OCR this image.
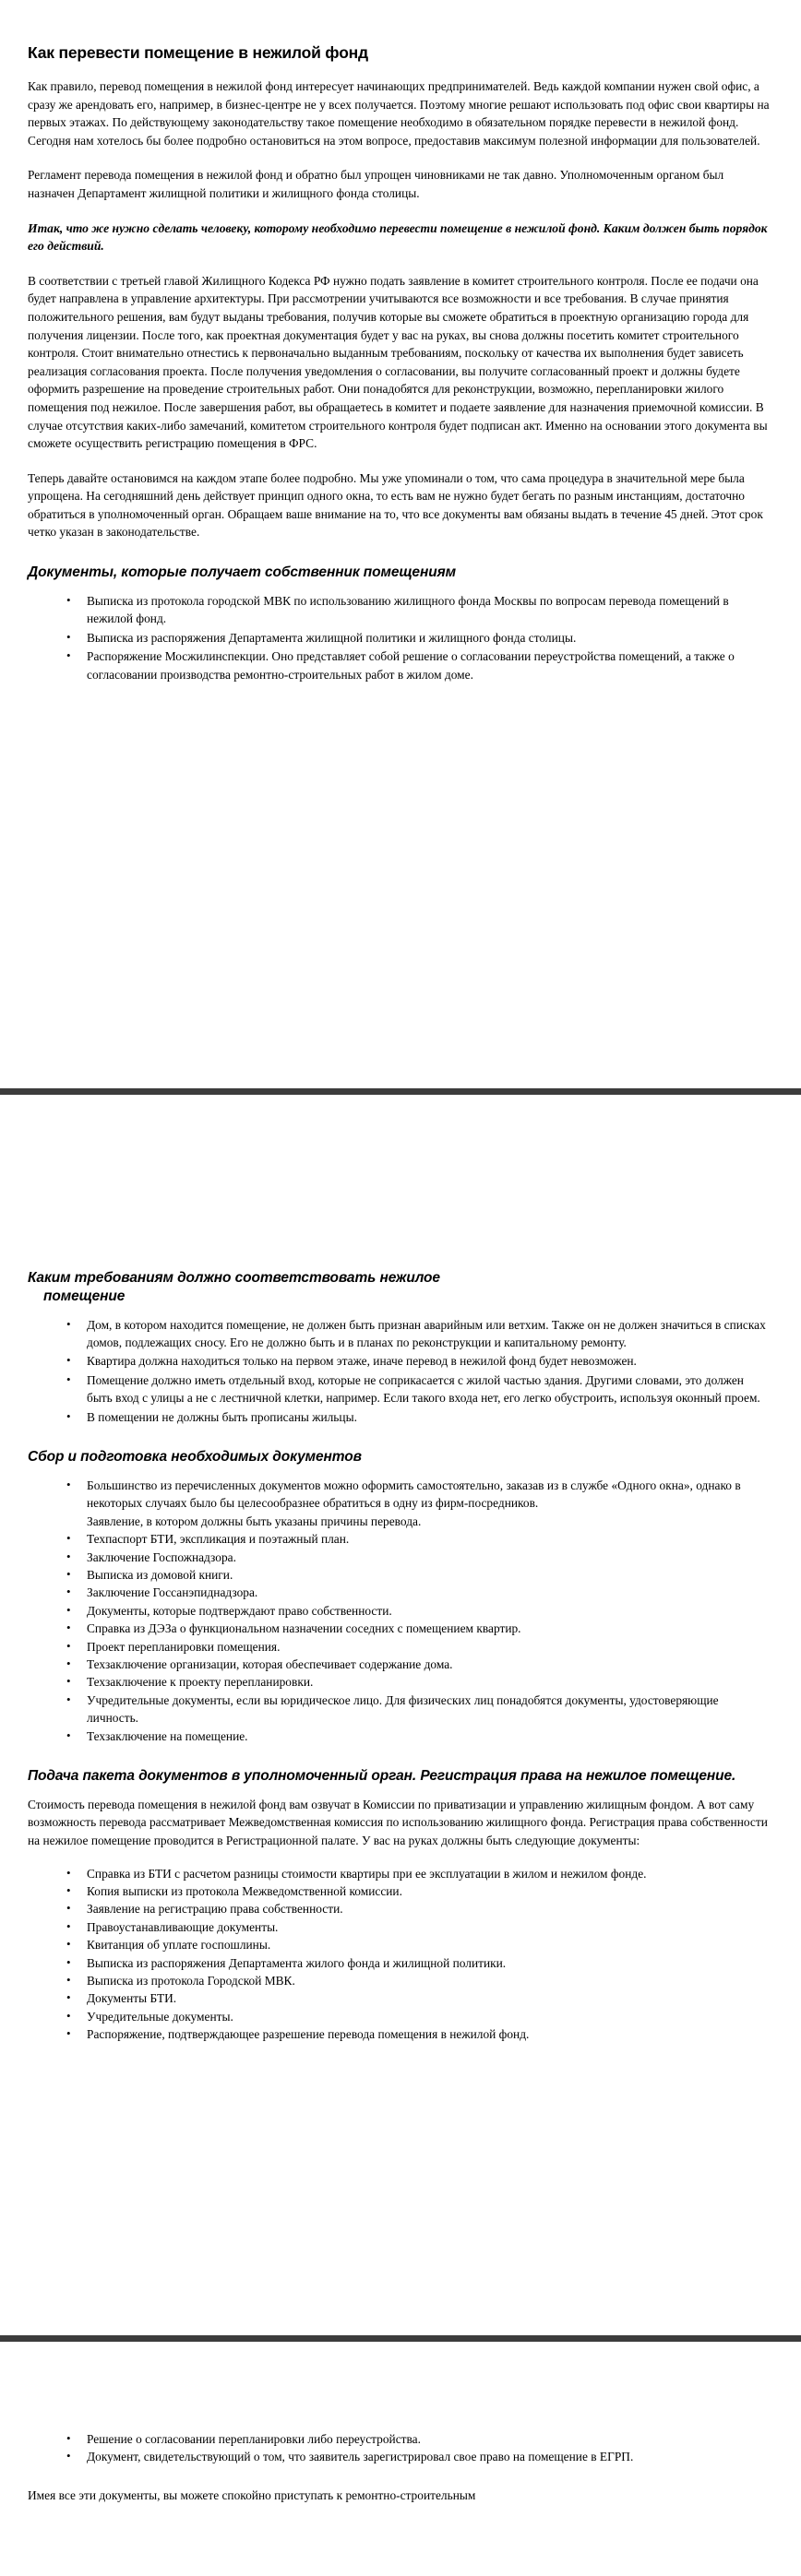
Как перевести помещение в нежилой фонд

Как правило, перевод помещения в нежилой фонд интересует начинающих предпринимателей. Ведь каждой компании нужен свой офис, а сразу же арендовать его, например, в бизнес-центре не у всех получается. Поэтому многие решают использовать под офис свои квартиры на первых этажах. По действующему законодательству такое помещение необходимо в обязательном порядке перевести в нежилой фонд. Сегодня нам хотелось бы более подробно остановиться на этом вопросе, предоставив максимум полезной информации для пользователей.

Регламент перевода помещения в нежилой фонд и обратно был упрощен чиновниками не так давно. Уполномоченным органом был назначен Департамент жилищной политики и жилищного фонда столицы.

Итак, что же нужно сделать человеку, которому необходимо перевести помещение в нежилой фонд. Каким должен быть порядок его действий.

В соответствии с третьей главой Жилищного Кодекса РФ нужно подать заявление в комитет строительного контроля. После ее подачи она будет направлена в управление архитектуры. При рассмотрении учитываются все возможности и все требования. В случае принятия положительного решения, вам будут выданы требования, получив которые вы сможете обратиться в проектную организацию города для получения лицензии. После того, как проектная документация будет у вас на руках, вы снова должны посетить комитет строительного контроля. Стоит внимательно отнестись к первоначально выданным требованиям, поскольку от качества их выполнения будет зависеть реализация согласования проекта. После получения уведомления о согласовании, вы получите согласованный проект и должны будете оформить разрешение на проведение строительных работ. Они понадобятся для реконструкции, возможно, перепланировки жилого помещения под нежилое. После завершения работ, вы обращаетесь в комитет и подаете заявление для назначения приемочной комиссии. В случае отсутствия каких-либо замечаний, комитетом строительного контроля будет подписан акт. Именно на основании этого документа вы сможете осуществить регистрацию помещения в ФРС.

Теперь давайте остановимся на каждом этапе более подробно. Мы уже упоминали о том, что сама процедура в значительной мере была упрощена. На сегодняшний день действует принцип одного окна, то есть вам не нужно будет бегать по разным инстанциям, достаточно обратиться в уполномоченный орган. Обращаем ваше внимание на то, что все документы вам обязаны выдать в течение 45 дней. Этот срок четко указан в законодательстве.

Документы, которые получает собственник помещениям
• Выписка из протокола городской МВК по использованию жилищного фонда Москвы по вопросам перевода помещений в нежилой фонд.
• Выписка из распоряжения Департамента жилищной политики и жилищного фонда столицы.
• Распоряжение Мосжилинспекции. Оно представляет собой решение о согласовании переустройства помещений, а также о согласовании производства ремонтно-строительных работ в жилом доме.
Каким требованиям должно соответствовать нежилое
помещение
• Дом, в котором находится помещение, не должен быть признан аварийным или ветхим. Также он не должен значиться в списках домов, подлежащих сносу. Его не должно быть и в планах по реконструкции и капитальному ремонту.
• Квартира должна находиться только на первом этаже, иначе перевод в нежилой фонд будет невозможен.
• Помещение должно иметь отдельный вход, которые не соприкасается с жилой частью здания. Другими словами, это должен быть вход с улицы а не с лестничной клетки, например. Если такого входа нет, его легко обустроить, используя оконный проем.
• В помещении не должны быть прописаны жильцы.
Сбор и подготовка необходимых документов
• Большинство из перечисленных документов можно оформить самостоятельно, заказав из в службе «Одного окна», однако в некоторых случаях было бы целесообразнее обратиться в одну из фирм-посредников.
Заявление, в котором должны быть указаны причины перевода.
• Техпаспорт БТИ, экспликация и поэтажный план.
• Заключение Госпожнадзора.
• Выписка из домовой книги.
• Заключение Госсанэпиднадзора.
• Документы, которые подтверждают право собственности.
• Справка из ДЭЗа о функциональном назначении соседних с помещением квартир.
• Проект перепланировки помещения.
• Техзаключение организации, которая обеспечивает содержание дома.
• Техзаключение к проекту перепланировки.
• Учредительные документы, если вы юридическое лицо. Для физических лиц понадобятся документы, удостоверяющие личность.
• Техзаключение на помещение.
Подача пакета документов в уполномоченный орган. Регистрация права на нежилое помещение.

Стоимость перевода помещения в нежилой фонд вам озвучат в Комиссии по приватизации и управлению жилищным фондом. А вот саму возможность перевода рассматривает Межведомственная комиссия по использованию жилищного фонда. Регистрация права собственности на нежилое помещение проводится в Регистрационной палате. У вас на руках должны быть следующие документы:

• Справка из БТИ с расчетом разницы стоимости квартиры при ее эксплуатации в жилом и нежилом фонде.
• Копия выписки из протокола Межведомственной комиссии.
• Заявление на регистрацию права собственности.
• Правоустанавливающие документы.
• Квитанция об уплате госпошлины.
• Выписка из распоряжения Департамента жилого фонда и жилищной политики.
• Выписка из протокола Городской МВК.
• Документы БТИ.
• Учредительные документы.
• Распоряжение, подтверждающее разрешение перевода помещения в нежилой фонд.
• Решение о согласовании перепланировки либо переустройства.
• Документ, свидетельствующий о том, что заявитель зарегистрировал свое право на помещение в ЕГРП.

Имея все эти документы, вы можете спокойно приступать к ремонтно-строительным
